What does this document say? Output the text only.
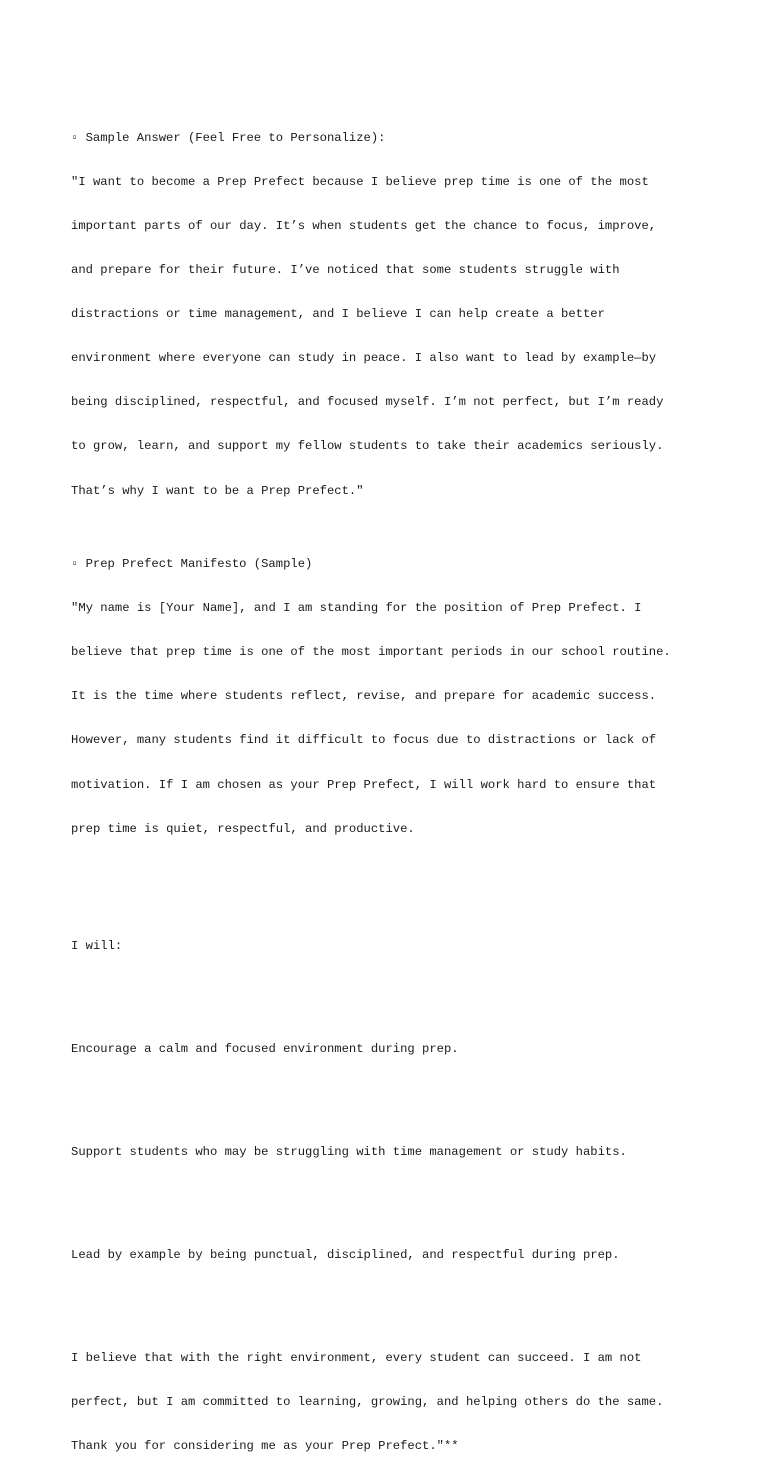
▫ Sample Answer (Feel Free to Personalize):

"I want to become a Prep Prefect because I believe prep time is one of the most

important parts of our day. It’s when students get the chance to focus, improve,

and prepare for their future. I’ve noticed that some students struggle with

distractions or time management, and I believe I can help create a better

environment where everyone can study in peace. I also want to lead by example—by

being disciplined, respectful, and focused myself. I’m not perfect, but I’m ready

to grow, learn, and support my fellow students to take their academics seriously.

That’s why I want to be a Prep Prefect."

▫ Prep Prefect Manifesto (Sample)

"My name is [Your Name], and I am standing for the position of Prep Prefect. I

believe that prep time is one of the most important periods in our school routine.

It is the time where students reflect, revise, and prepare for academic success.

However, many students find it difficult to focus due to distractions or lack of

motivation. If I am chosen as your Prep Prefect, I will work hard to ensure that

prep time is quiet, respectful, and productive.

I will:

Encourage a calm and focused environment during prep.

Support students who may be struggling with time management or study habits.

Lead by example by being punctual, disciplined, and respectful during prep.

I believe that with the right environment, every student can succeed. I am not

perfect, but I am committed to learning, growing, and helping others do the same.

Thank you for considering me as your Prep Prefect."**
